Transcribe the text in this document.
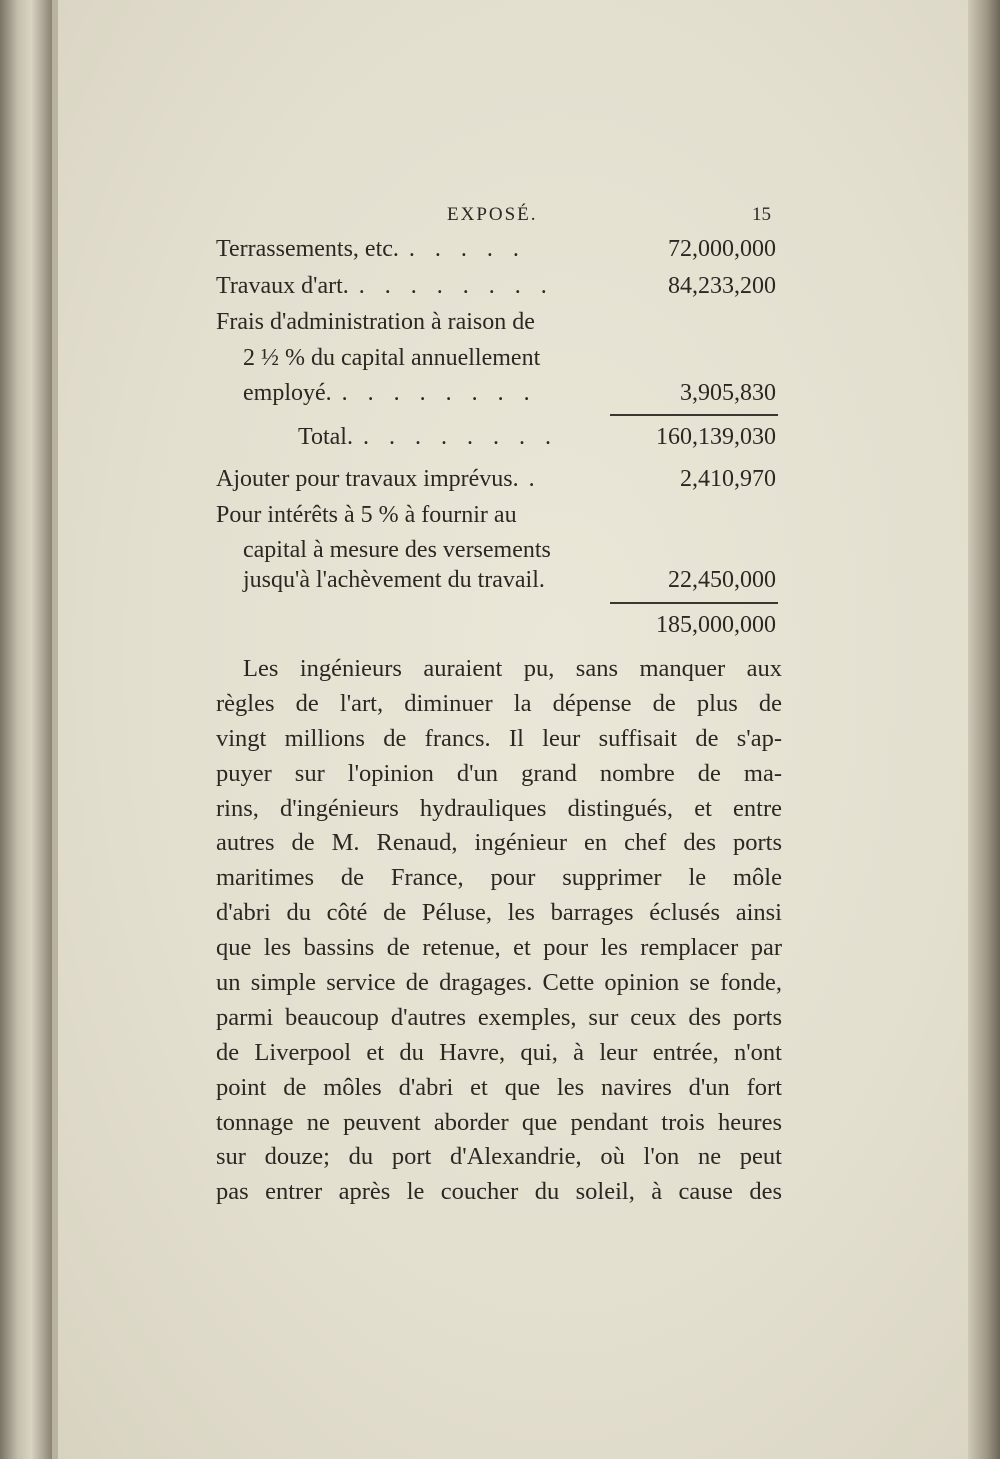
EXPOSÉ.	15
Terrassements, etc. . . . . .	72,000,000
Travaux d'art. . . . . . . . .	84,233,200
Frais d'administration à raison de
2 ½ % du capital annuellement
employé. . . . . . . . .	3,905,830
Total. . . . . . . . .	160,139,030
Ajouter pour travaux imprévus. .	2,410,970
Pour intérêts à 5 % à fournir au
capital à mesure des versements
jusqu'à l'achèvement du travail.	22,450,000
185,000,000
Les ingénieurs auraient pu, sans manquer aux
règles de l'art, diminuer la dépense de plus de
vingt millions de francs. Il leur suffisait de s'ap-
puyer sur l'opinion d'un grand nombre de ma-
rins, d'ingénieurs hydrauliques distingués, et entre
autres de M. Renaud, ingénieur en chef des ports
maritimes de France, pour supprimer le môle
d'abri du côté de Péluse, les barrages éclusés ainsi
que les bassins de retenue, et pour les remplacer par
un simple service de dragages. Cette opinion se fonde,
parmi beaucoup d'autres exemples, sur ceux des ports
de Liverpool et du Havre, qui, à leur entrée, n'ont
point de môles d'abri et que les navires d'un fort
tonnage ne peuvent aborder que pendant trois heures
sur douze; du port d'Alexandrie, où l'on ne peut
pas entrer après le coucher du soleil, à cause des
